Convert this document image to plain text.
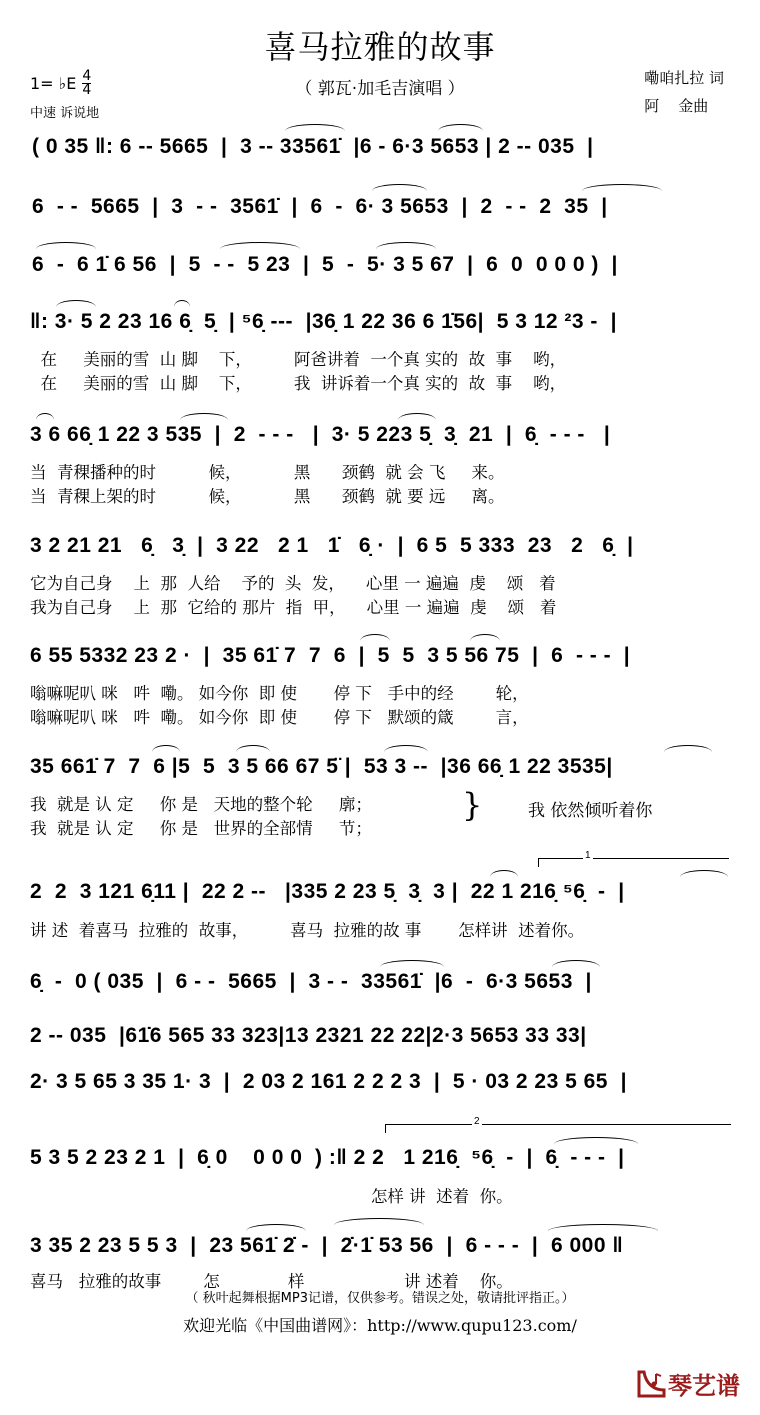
喜马拉雅的故事
（ 郭瓦·加毛吉演唱 ）
1= ♭E $\frac{4}{4}$
中速 诉说地
嘞咱扎拉 词
阿    金曲
( 0 35 ‖: 6 -- 5665  |  3 -- 33561̇  |6 - 6·3 5653 | 2 -- 035  |
6  - -  5665  |  3  - -  3561̇  |  6  -  6· 3 5653  |  2  - -  2  35  |
6  -  6 1̇ 6 56  |  5  - -  5 23  |  5  -  5· 3 5 67  |  6  0  0 0 0 )  |
‖: 3· 5 2 23 16 6̣  5̣  | ⁵6̣ ---  |36̣ 1 22 36 6 1̇56|  5 3 12 ²3 -  |
在     美丽的雪  山 脚    下，        阿爸讲着  一个真 实的  故  事    哟，
在     美丽的雪  山 脚    下，        我  讲诉着一个真 实的  故  事    哟，
3 6 66̣ 1 22 3 535  |  2  - - -   |  3· 5 223 5̣  3̣  21  |  6̣  - - -   |
当  青稞播种的时          候，          黑      颈鹤  就 会 飞     来。
当  青稞上架的时          候，          黑      颈鹤  就 要 远     离。
3 2 21 21   6̣   3̣  |  3 22   2 1   1̇   6̣ ·  |  6 5  5 333  23   2   6̣  |
它为自己身    上  那  人给    予的  头  发，    心里 一 遍遍  虔    颂   着
我为自己身    上  那  它给的 那片  指  甲，    心里 一 遍遍  虔    颂   着
6 55 5332 23 2 ·  |  35 61̇ 7  7  6  |  5  5  3 5 56 75  |  6  - - -  |
嗡嘛呢叭 咪   吽  嘞。 如今你  即 使       停 下   手中的经        轮，
嗡嘛呢叭 咪   吽  嘞。 如今你  即 使       停 下   默颂的箴        言，
35 661̇ 7  7  6 |5  5  3 5 66 67 5̈ |  53 3 --  |36 66̣ 1 22 3535|
我  就是 认 定     你 是   天地的整个轮     廓；
我  就是 认 定     你 是   世界的全部情     节；
}	我 依然倾听着你
1
2  2  3 121 6̣11 |  22 2 --   |335 2 23 5̣  3̣  3 |  22 1 216̣ ⁵6̣  -  |
讲 述  着喜马  拉雅的  故事，        喜马  拉雅的故 事       怎样讲  述着你。
6̣  -  0 ( 035  |  6 - -  5665  |  3 - -  33561̇  |6  -  6·3 5653  |
2 -- 035  |61̇6 565 33 323|13 2321 22 22|2·3 5653 33 33|
2· 3 5 65 3 35 1· 3  |  2 03 2 161 2 2 2 3  |  5 · 03 2 23 5 65  |
2
5 3 5 2 23 2 1  |  6̣ 0    0 0 0  ) :‖ 2 2   1 216̣  ⁵6̣  -  |  6̣  - - -  |
怎样 讲  述着  你。
3 35 2 23 5 5 3  |  23 561̇ 2̇ -  |  2̇·1̇ 53 56  |  6 - - -  |  6 000 ‖
喜马   拉雅的故事        怎             样                   讲 述着    你。
（ 秋叶起舞根据MP3记谱，仅供参考。错误之处，敬请批评指正。）
欢迎光临《中国曲谱网》：http://www.qupu123.com/
琴艺谱
